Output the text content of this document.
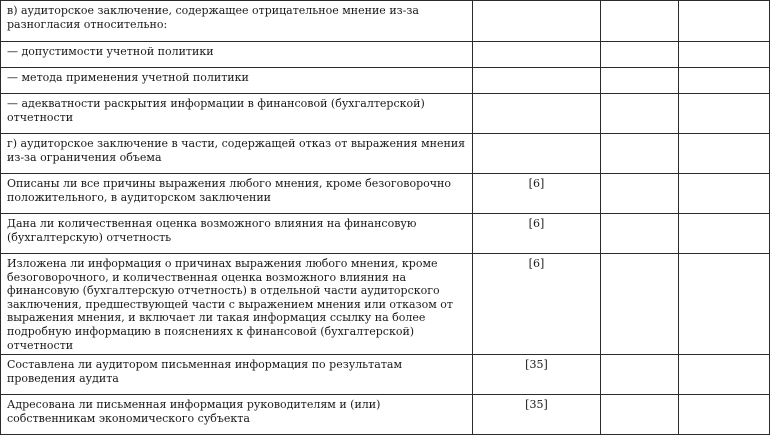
в) аудиторское заключение, содержащее отрицательное мнение из-за разногласия относительно:			

— допустимости учетной политики			

— метода применения учетной политики			

— адекватности раскрытия информации в финансовой (бухгалтерской) отчетности			

г) аудиторское заключение в части, содержащей отказ от выражения мнения из-за ограничения объема			

Описаны ли все причины выражения любого мнения, кроме безоговорочно положительного, в аудиторском заключении	[6]		

Дана ли количественная оценка возможного влияния на финансовую (бухгалтерскую) отчетность	[6]		

Изложена ли информация о причинах выражения любого мнения, кроме безоговорочного, и количественная оценка возможного влияния на финансовую (бухгалтерскую отчетность) в отдельной части аудиторского заключения, предшествующей части с выражением мнения или отказом от выражения мнения, и включает ли такая информация ссылку на более подробную информацию в пояснениях к финансовой (бухгалтерской) отчетности	[6]		

Составлена ли аудитором письменная информация по результатам проведения аудита	[35]		

Адресована ли письменная информация руководителям и (или) собственникам экономического субъекта	[35]		
